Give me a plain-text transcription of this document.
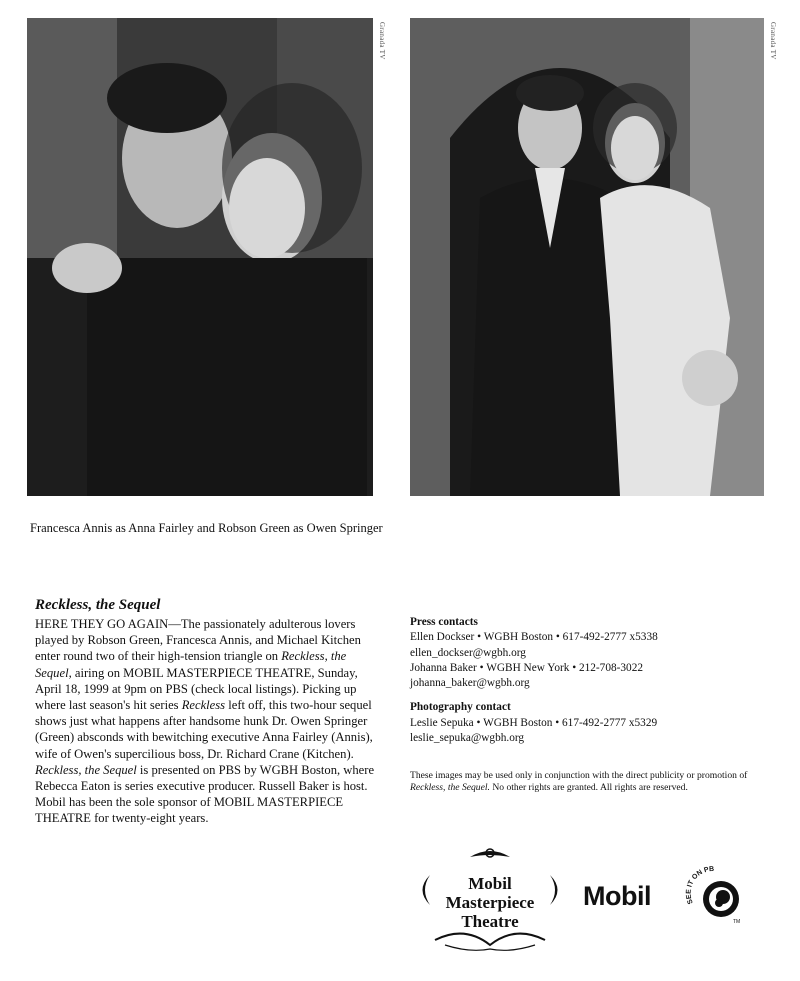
Granada TV	Granada TV
Francesca Annis as Anna Fairley and Robson Green as Owen Springer
Reckless, the Sequel
HERE THEY GO AGAIN—The passionately adulterous lovers played by Robson Green, Francesca Annis, and Michael Kitchen enter round two of their high-tension triangle on Reckless, the Sequel, airing on MOBIL MASTERPIECE THEATRE, Sunday, April 18, 1999 at 9pm on PBS (check local listings). Picking up where last season's hit series Reckless left off, this two-hour sequel shows just what happens after handsome hunk Dr. Owen Springer (Green) absconds with bewitching executive Anna Fairley (Annis), wife of Owen's supercilious boss, Dr. Richard Crane (Kitchen). Reckless, the Sequel is presented on PBS by WGBH Boston, where Rebecca Eaton is series executive producer. Russell Baker is host. Mobil has been the sole sponsor of MOBIL MASTERPIECE THEATRE for twenty-eight years.
Press contacts
Ellen Dockser • WGBH Boston • 617-492-2777 x5338
ellen_dockser@wgbh.org
Johanna Baker • WGBH New York • 212-708-3022
johanna_baker@wgbh.org
Photography contact
Leslie Sepuka • WGBH Boston • 617-492-2777 x5329
leslie_sepuka@wgbh.org
These images may be used only in conjunction with the direct publicity or promotion of Reckless, the Sequel. No other rights are granted. All rights are reserved.
Mobil
Masterpiece
Theatre
Mobil	SEE IT ON PB
TM
